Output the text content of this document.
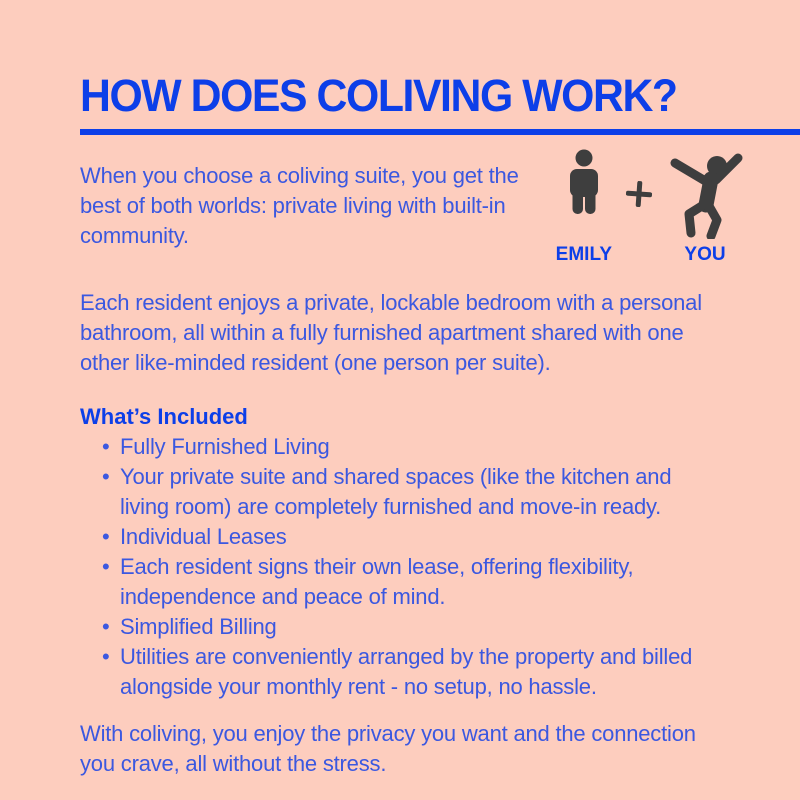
HOW DOES COLIVING WORK?

When you choose a coliving suite, you get the best of both worlds: private living with built-in community.

EMILY	YOU

Each resident enjoys a private, lockable bedroom with a personal bathroom, all within a fully furnished apartment shared with one other like-minded resident (one person per suite).

What’s Included
• Fully Furnished Living
• Your private suite and shared spaces (like the kitchen and living room) are completely furnished and move-in ready.
• Individual Leases
• Each resident signs their own lease, offering flexibility, independence and peace of mind.
• Simplified Billing
• Utilities are conveniently arranged by the property and billed alongside your monthly rent - no setup, no hassle.

With coliving, you enjoy the privacy you want and the connection you crave, all without the stress.
